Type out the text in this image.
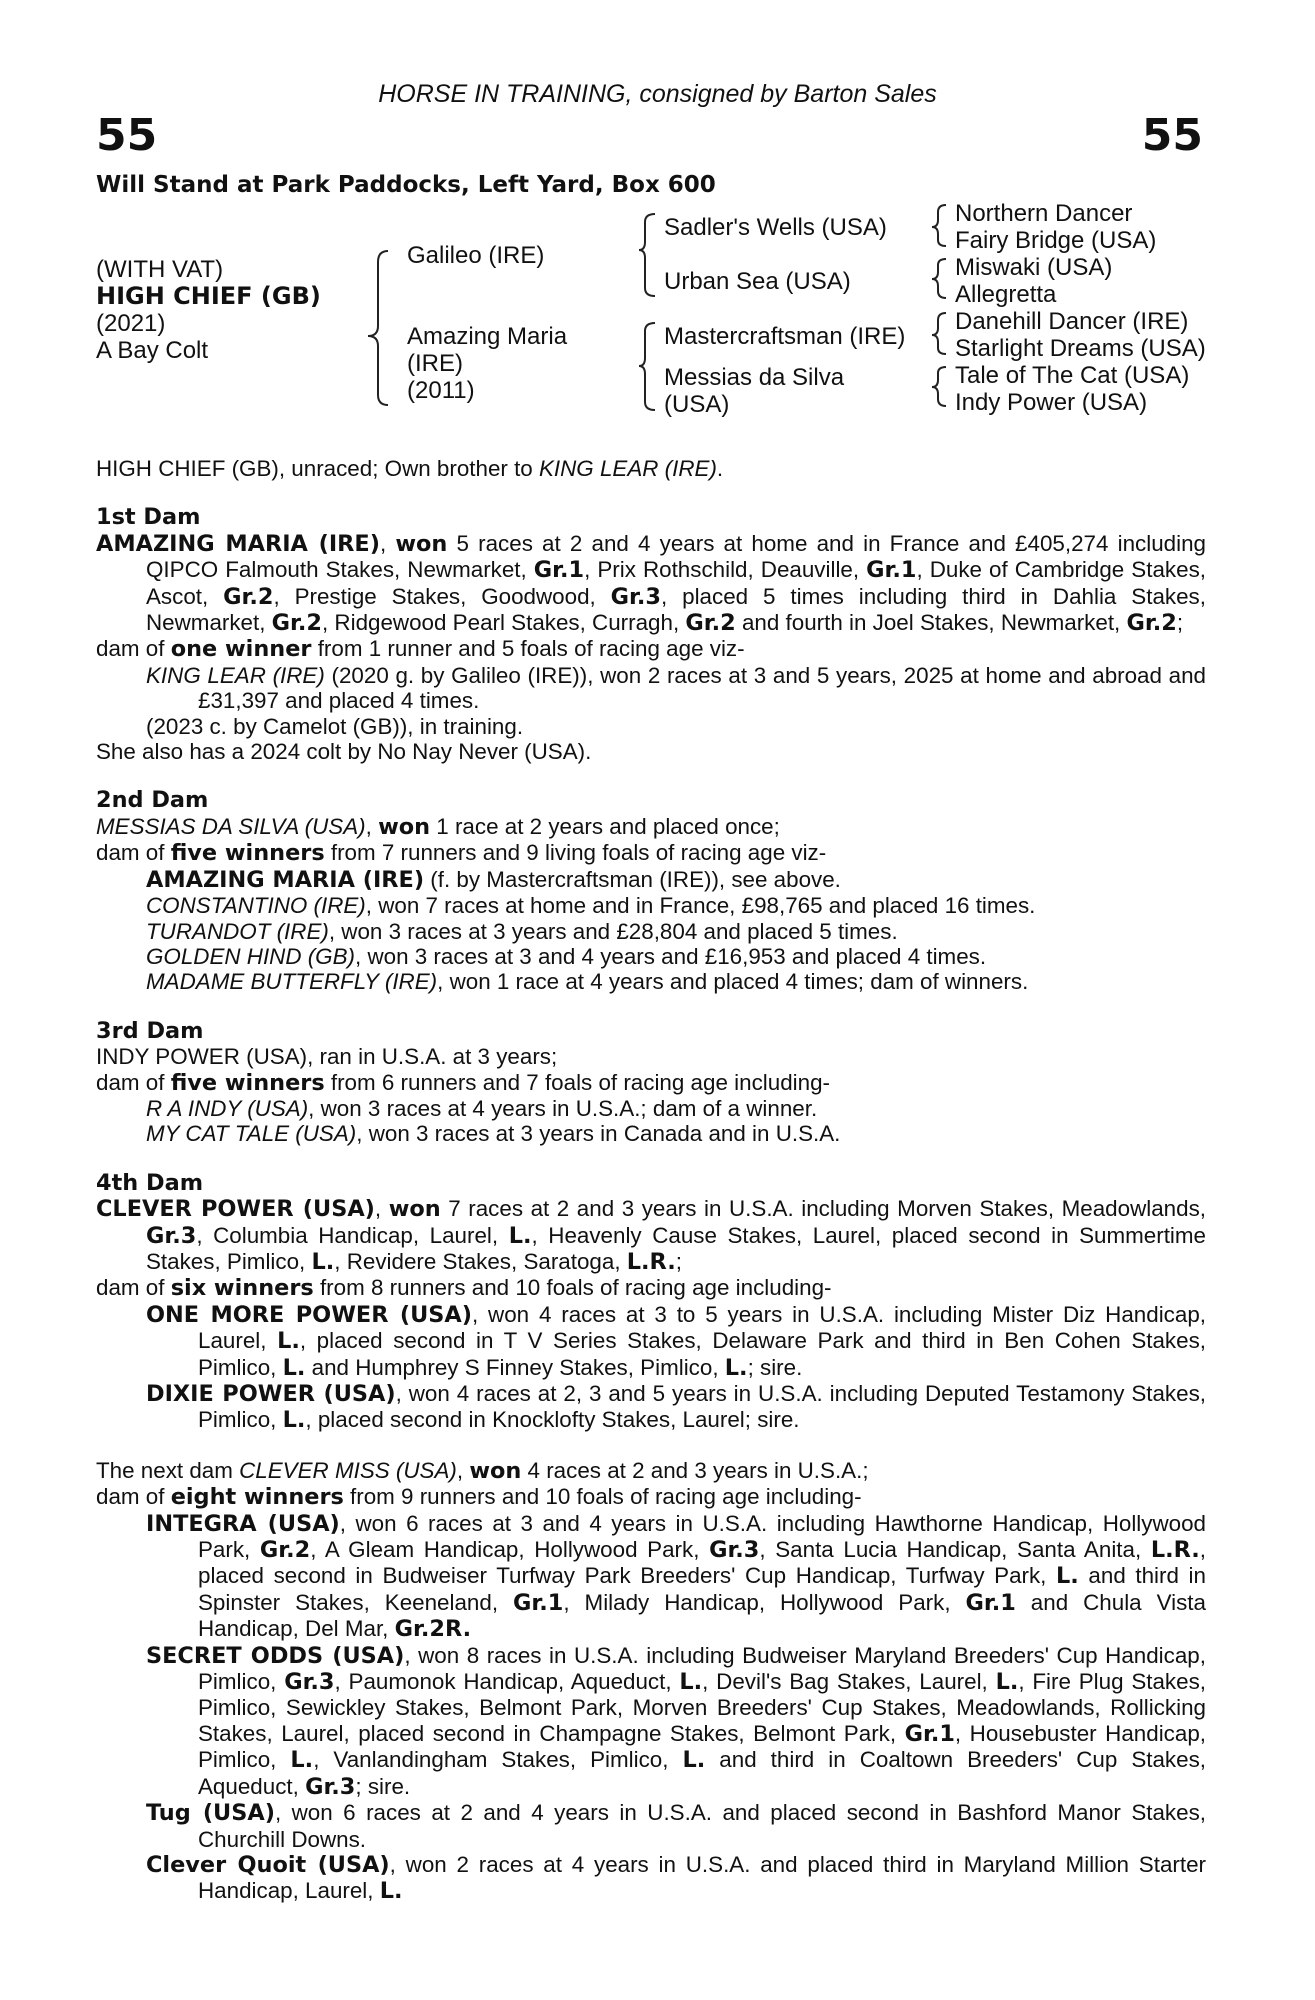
HORSE IN TRAINING, consigned by Barton Sales
55	55
Will Stand at Park Paddocks, Left Yard, Box 600
(WITH VAT)
HIGH CHIEF (GB)
(2021)
A Bay Colt
Galileo (IRE)
Amazing Maria
(IRE)
(2011)
Sadler's Wells (USA)
Urban Sea (USA)
Mastercraftsman (IRE)
Messias da Silva
(USA)
Northern Dancer
Fairy Bridge (USA)
Miswaki (USA)
Allegretta
Danehill Dancer (IRE)
Starlight Dreams (USA)
Tale of The Cat (USA)
Indy Power (USA)

HIGH CHIEF (GB), unraced; Own brother to KING LEAR (IRE).

1st Dam

AMAZING MARIA (IRE), won 5 races at 2 and 4 years at home and in France and £405,274 including QIPCO Falmouth Stakes, Newmarket, Gr.1, Prix Rothschild, Deauville, Gr.1, Duke of Cambridge Stakes, Ascot, Gr.2, Prestige Stakes, Goodwood, Gr.3, placed 5 times including third in Dahlia Stakes, Newmarket, Gr.2, Ridgewood Pearl Stakes, Curragh, Gr.2 and fourth in Joel Stakes, Newmarket, Gr.2;

dam of one winner from 1 runner and 5 foals of racing age viz-

KING LEAR (IRE) (2020 g. by Galileo (IRE)), won 2 races at 3 and 5 years, 2025 at home and abroad and £31,397 and placed 4 times.

(2023 c. by Camelot (GB)), in training.

She also has a 2024 colt by No Nay Never (USA).

2nd Dam

MESSIAS DA SILVA (USA), won 1 race at 2 years and placed once;

dam of five winners from 7 runners and 9 living foals of racing age viz-

AMAZING MARIA (IRE) (f. by Mastercraftsman (IRE)), see above.

CONSTANTINO (IRE), won 7 races at home and in France, £98,765 and placed 16 times.

TURANDOT (IRE), won 3 races at 3 years and £28,804 and placed 5 times.

GOLDEN HIND (GB), won 3 races at 3 and 4 years and £16,953 and placed 4 times.

MADAME BUTTERFLY (IRE), won 1 race at 4 years and placed 4 times; dam of winners.

3rd Dam

INDY POWER (USA), ran in U.S.A. at 3 years;

dam of five winners from 6 runners and 7 foals of racing age including-

R A INDY (USA), won 3 races at 4 years in U.S.A.; dam of a winner.

MY CAT TALE (USA), won 3 races at 3 years in Canada and in U.S.A.

4th Dam

CLEVER POWER (USA), won 7 races at 2 and 3 years in U.S.A. including Morven Stakes, Meadowlands, Gr.3, Columbia Handicap, Laurel, L., Heavenly Cause Stakes, Laurel, placed second in Summertime Stakes, Pimlico, L., Revidere Stakes, Saratoga, L.R.;

dam of six winners from 8 runners and 10 foals of racing age including-

ONE MORE POWER (USA), won 4 races at 3 to 5 years in U.S.A. including Mister Diz Handicap, Laurel, L., placed second in T V Series Stakes, Delaware Park and third in Ben Cohen Stakes, Pimlico, L. and Humphrey S Finney Stakes, Pimlico, L.; sire.

DIXIE POWER (USA), won 4 races at 2, 3 and 5 years in U.S.A. including Deputed Testamony Stakes, Pimlico, L., placed second in Knocklofty Stakes, Laurel; sire.

The next dam CLEVER MISS (USA), won 4 races at 2 and 3 years in U.S.A.;

dam of eight winners from 9 runners and 10 foals of racing age including-

INTEGRA (USA), won 6 races at 3 and 4 years in U.S.A. including Hawthorne Handicap, Hollywood Park, Gr.2, A Gleam Handicap, Hollywood Park, Gr.3, Santa Lucia Handicap, Santa Anita, L.R., placed second in Budweiser Turfway Park Breeders' Cup Handicap, Turfway Park, L. and third in Spinster Stakes, Keeneland, Gr.1, Milady Handicap, Hollywood Park, Gr.1 and Chula Vista Handicap, Del Mar, Gr.2R.

SECRET ODDS (USA), won 8 races in U.S.A. including Budweiser Maryland Breeders' Cup Handicap, Pimlico, Gr.3, Paumonok Handicap, Aqueduct, L., Devil's Bag Stakes, Laurel, L., Fire Plug Stakes, Pimlico, Sewickley Stakes, Belmont Park, Morven Breeders' Cup Stakes, Meadowlands, Rollicking Stakes, Laurel, placed second in Champagne Stakes, Belmont Park, Gr.1, Housebuster Handicap, Pimlico, L., Vanlandingham Stakes, Pimlico, L. and third in Coaltown Breeders' Cup Stakes, Aqueduct, Gr.3; sire.

Tug (USA), won 6 races at 2 and 4 years in U.S.A. and placed second in Bashford Manor Stakes, Churchill Downs.

Clever Quoit (USA), won 2 races at 4 years in U.S.A. and placed third in Maryland Million Starter Handicap, Laurel, L.
